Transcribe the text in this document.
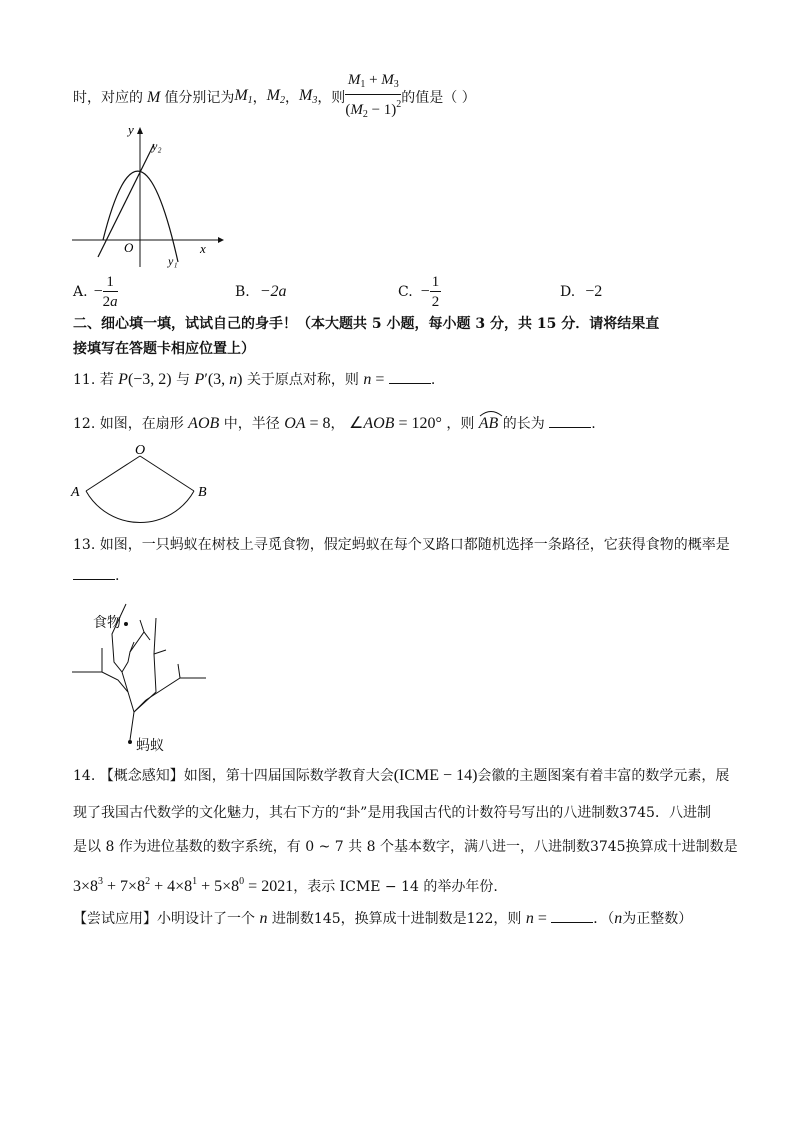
时，对应的 M 值分别记为 $M_1$ ， $M_2$ ， $M_3$ ，则 $\frac{M_1 + M_3}{(M_2 - 1)^2}$ 的值是（ ）
y
y₂
O	x
y₁
A. − $\frac{1}{2a}$	B. −2a	C. − $\frac{1}{2}$	D. −2
二、细心填一填，试试自己的身手！（本大题共 5 小题，每小题 3 分，共 15 分．请将结果直
接填写在答题卡相应位置上）
11. 若 P(−3, 2) 与 P′(3, n) 关于原点对称，则 n =	.
12. 如图，在扇形 AOB 中，半径 OA = 8， ∠AOB = 120° ，则 AB 的长为	.
O
A	B
13. 如图，一只蚂蚁在树枝上寻觅食物，假定蚂蚁在每个叉路口都随机选择一条路径，它获得食物的概率是
.
食物
蚂蚁
14. 【概念感知】如图，第十四届国际数学教育大会(ICME − 14)会徽的主题图案有着丰富的数学元素，展
现了我国古代数学的文化魅力，其右下方的“卦”是用我国古代的计数符号写出的八进制数3745．八进制
是以 8 作为进位基数的数字系统，有 0 ~ 7 共 8 个基本数字，满八进一，八进制数3745换算成十进制数是
$3\times 8^3 + 7\times 8^2 + 4\times 8^1 + 5\times 8^0 = 2021$，表示 ICME − 14 的举办年份.
【尝试应用】小明设计了一个 n 进制数145，换算成十进制数是122，则 n =	．（n为正整数）
